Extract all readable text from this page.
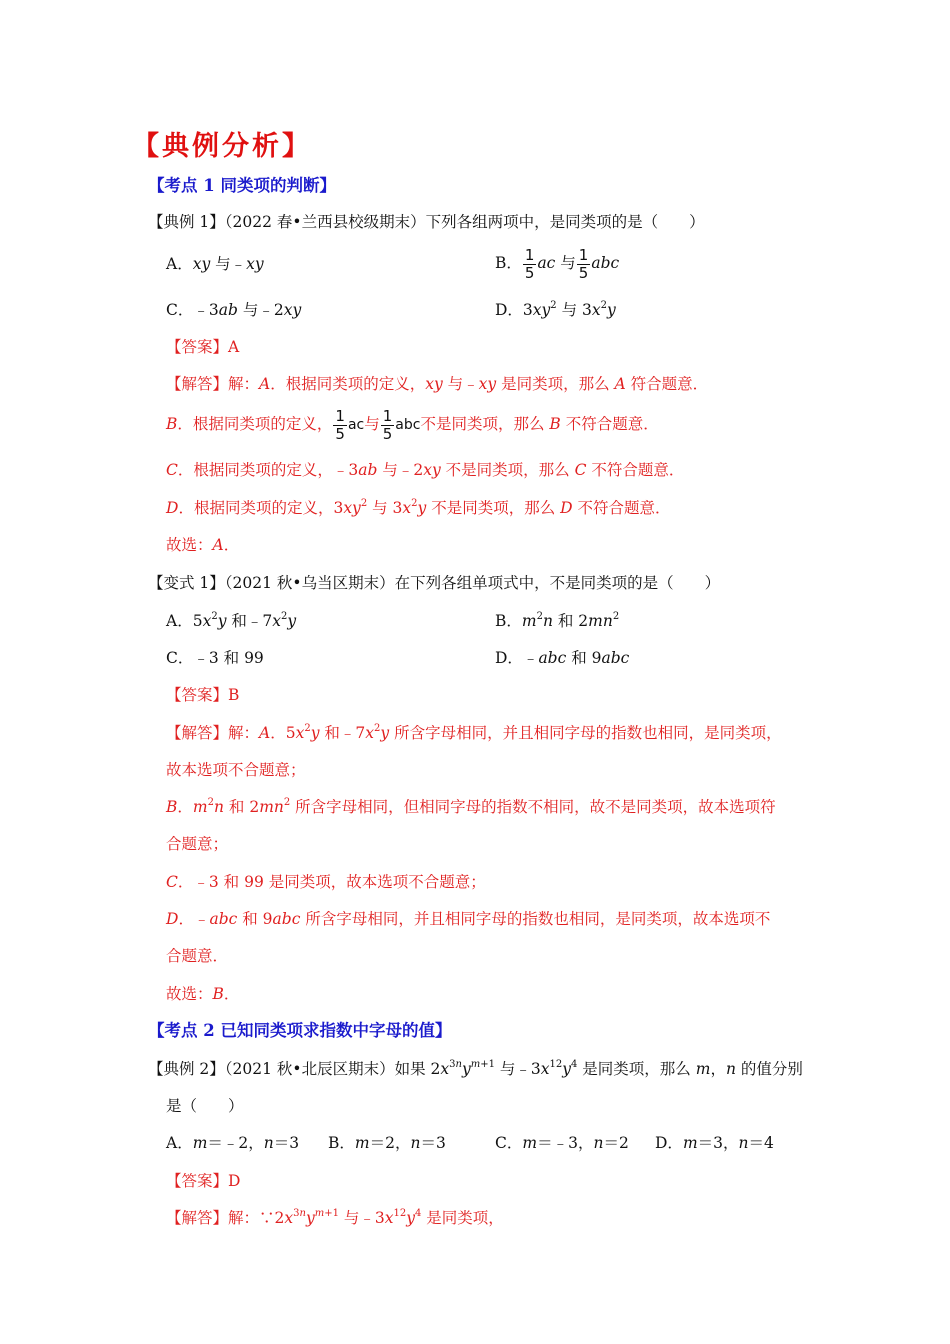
【典例分析】
【考点 1 同类项的判断】
【典例 1】（2022 春•兰西县校级期末）下列各组两项中，是同类项的是（　　）
A．xy 与﹣xy	B． $\frac{1}{5}$ ac 与 $\frac{1}{5}$ abc
C．﹣3ab 与﹣2xy	D．$3xy^2$ 与 $3x^2y$
【答案】A
【解答】解：A．根据同类项的定义，xy 与﹣xy 是同类项，那么 A 符合题意．
B．根据同类项的定义， $\frac{1}{5}$ ac与 $\frac{1}{5}$ abc不是同类项，那么 B 不符合题意．
C．根据同类项的定义，﹣3ab 与﹣2xy 不是同类项，那么 C 不符合题意．
D．根据同类项的定义，$3xy^2$ 与 $3x^2y$ 不是同类项，那么 D 不符合题意．
故选：A．
【变式 1】（2021 秋•乌当区期末）在下列各组单项式中，不是同类项的是（　　）
A．$5x^2y$ 和$﹣7x^2y$	B．$m^2n$ 和 $2mn^2$
C．﹣3 和 99	D．﹣abc 和 9abc
【答案】B
【解答】解：A．$5x^2y$ 和$﹣7x^2y$ 所含字母相同，并且相同字母的指数也相同，是同类项，
故本选项不合题意；
B．$m^2n$ 和 $2mn^2$ 所含字母相同，但相同字母的指数不相同，故不是同类项，故本选项符
合题意；
C．﹣3 和 99 是同类项，故本选项不合题意；
D．﹣abc 和 9abc 所含字母相同，并且相同字母的指数也相同，是同类项，故本选项不
合题意．
故选：B．
【考点 2 已知同类项求指数中字母的值】
【典例 2】（2021 秋•北辰区期末）如果 $2x^{3n}y^{m+1}$ 与$﹣3x^{12}y^4$ 是同类项，那么 m，n 的值分别
是（　　）
A．m＝﹣2，n＝3 B．m＝2，n＝3	C．m＝﹣3，n＝2 D．m＝3，n＝4
【答案】D
【解答】解：$\because 2x^{3n}y^{m+1}$ 与$﹣3x^{12}y^4$ 是同类项，
